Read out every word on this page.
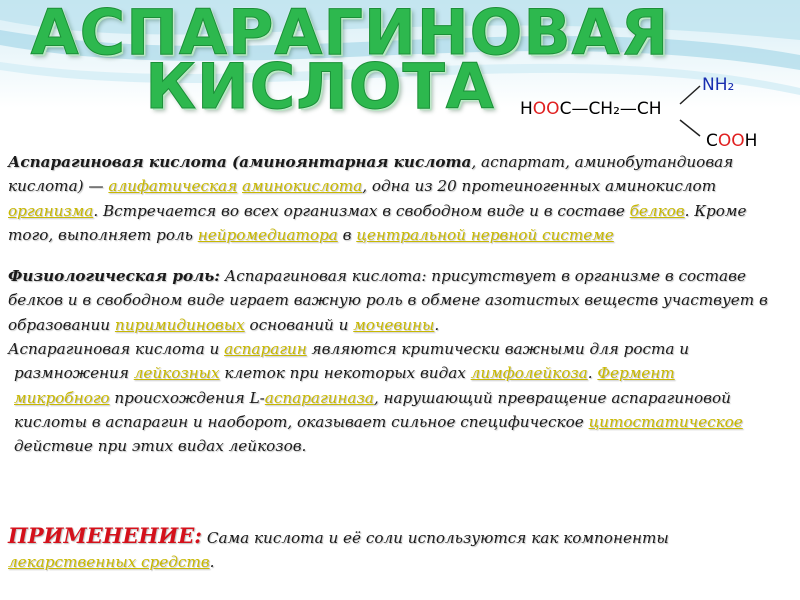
АСПАРАГИНОВАЯ
КИСЛОТА	HOOC—CH₂—CH
NH₂
COOH

Аспарагиновая кислота (аминоянтарная кислота, аспартат, аминобутандиовая кислота) — алифатическая аминокислота, одна из 20 протеиногенных аминокислот организма. Встречается во всех организмах в свободном виде и в составе белков. Кроме того, выполняет роль нейромедиатора в центральной нервной системе

Физиологическая роль: Аспарагиновая кислота: присутствует в организме в составе белков и в свободном виде играет важную роль в обмене азотистых веществ участвует в образовании пиримидиновых оснований и мочевины.

Аспарагиновая кислота и аспарагин являются критически важными для роста и

размножения лейкозных клеток при некоторых видах лимфолейкоза. Фермент микробного происхождения L-аспарагиназа, нарушающий превращение аспарагиновой кислоты в аспарагин и наоборот, оказывает сильное специфическое цитостатическое

действие при этих видах лейкозов.

ПРИМЕНЕНИЕ: Сама кислота и её соли используются как компоненты лекарственных средств.
